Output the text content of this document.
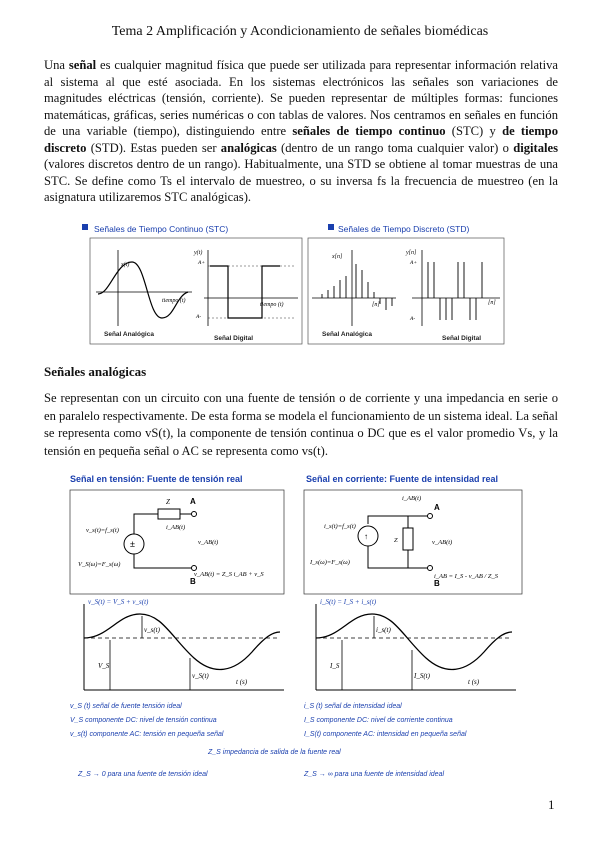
Tema 2 Amplificación y Acondicionamiento de señales biomédicas
Una señal es cualquier magnitud física que puede ser utilizada para representar información relativa al sistema al que esté asociada. En los sistemas electrónicos las señales son variaciones de magnitudes eléctricas (tensión, corriente). Se pueden representar de múltiples formas: funciones matemáticas, gráficas, series numéricas o con tablas de valores. Nos centramos en señales en función de una variable (tiempo), distinguiendo entre señales de tiempo continuo (STC) y de tiempo discreto (STD). Estas pueden ser analógicas (dentro de un rango toma cualquier valor) o digitales (valores discretos dentro de un rango). Habitualmente, una STD se obtiene al tomar muestras de una STC. Se define como Ts el intervalo de muestreo, o su inversa fs la frecuencia de muestreo (en la asignatura utilizaremos STC analógicas).
Señales de Tiempo Continuo (STC)
x(t)
tiempo (t)
Señal Analógica
y(t)
A+
A-
tiempo (t)
Señal Digital
Señales de Tiempo Discreto (STD)
x[n]
[n]
Señal Analógica
y[n]
A+
A-
[n]
Señal Digital
Señales analógicas
Se representan con un circuito con una fuente de tensión o de corriente y una impedancia en serie o en paralelo respectivamente. De esta forma se modela el funcionamiento de un sistema ideal. La señal se representa como vS(t), la componente de tensión continua o DC que es el valor promedio Vs, y la tensión en pequeña señal o AC se representa como vs(t).
Señal en tensión: Fuente de tensión real	Señal en corriente: Fuente de intensidad real
±
Z	A
B
v_s(t)=f_s(t)
V_S(ω)=F_s(ω)
i_AB(t)
v_AB(t)
v_AB(t) = Z_S i_AB + v_S
↑	Z
A
B
i_s(t)=f_s(t)
I_s(ω)=F_s(ω)
i_AB(t)
v_AB(t)
i_AB = I_S - v_AB / Z_S
v_S(t) = V_S + v_s(t)
V_S
v_S(t)
v_s(t)
t (s)
i_S(t) = I_S + i_s(t)
I_S
I_S(t)
i_s(t)
t (s)
v_S (t) señal de fuente tensión ideal
V_S componente DC: nivel de tensión continua
v_s(t) componente AC: tensión en pequeña señal
i_S (t) señal de intensidad ideal
I_S componente DC: nivel de corriente continua
I_S(t) componente AC: intensidad en pequeña señal
Z_S impedancia de salida de la fuente real
Z_S → 0 para una fuente de tensión ideal	Z_S → ∞ para una fuente de intensidad ideal
1
